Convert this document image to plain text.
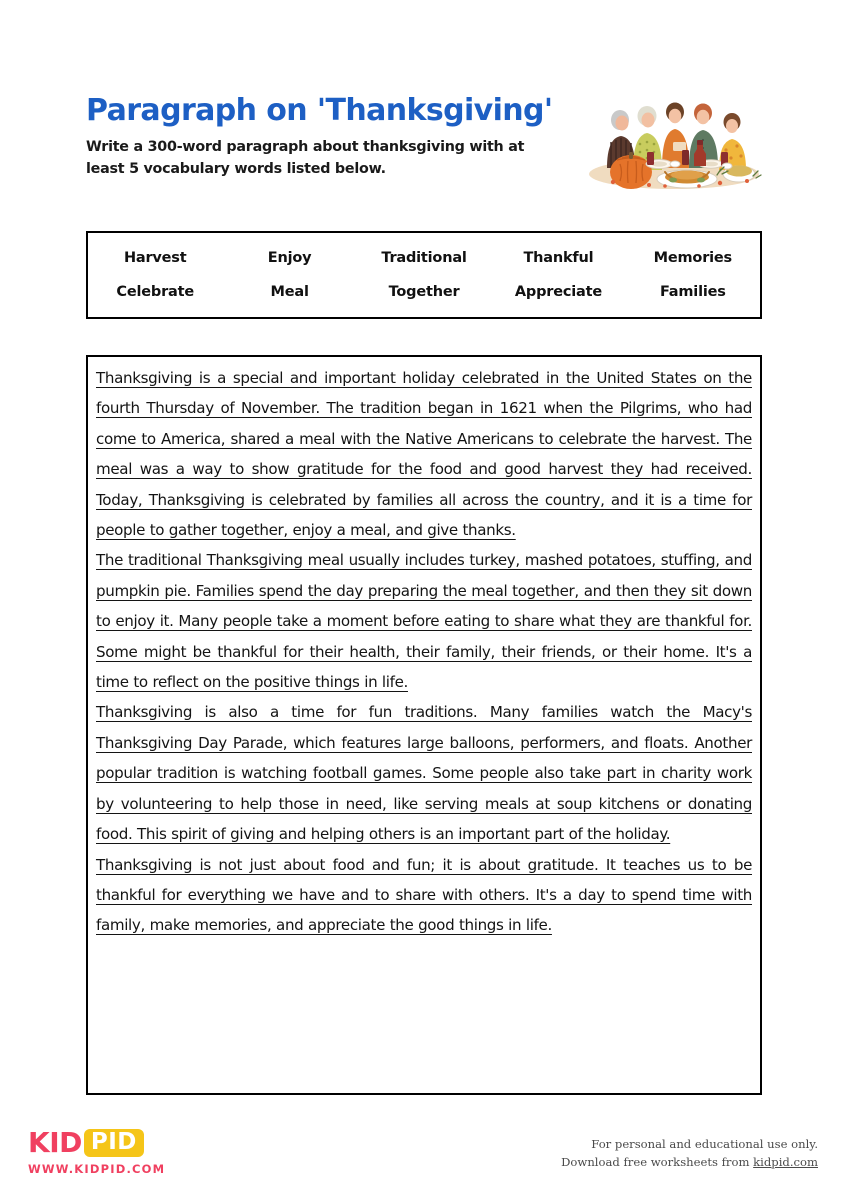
Paragraph on 'Thanksgiving'

Write a 300-word paragraph about thanksgiving with at least 5 vocabulary words listed below.

Harvest	Enjoy	Traditional	Thankful	Memories
Celebrate	Meal	Together	Appreciate	Families

Thanksgiving is a special and important holiday celebrated in the United States on the fourth Thursday of November. The tradition began in 1621 when the Pilgrims, who had come to America, shared a meal with the Native Americans to celebrate the harvest. The meal was a way to show gratitude for the food and good harvest they had received. Today, Thanksgiving is celebrated by families all across the country, and it is a time for people to gather together, enjoy a meal, and give thanks.

The traditional Thanksgiving meal usually includes turkey, mashed potatoes, stuffing, and pumpkin pie. Families spend the day preparing the meal together, and then they sit down to enjoy it. Many people take a moment before eating to share what they are thankful for. Some might be thankful for their health, their family, their friends, or their home. It's a time to reflect on the positive things in life.

Thanksgiving is also a time for fun traditions. Many families watch the Macy's Thanksgiving Day Parade, which features large balloons, performers, and floats. Another popular tradition is watching football games. Some people also take part in charity work by volunteering to help those in need, like serving meals at soup kitchens or donating food. This spirit of giving and helping others is an important part of the holiday.

Thanksgiving is not just about food and fun; it is about gratitude. It teaches us to be thankful for everything we have and to share with others. It's a day to spend time with family, make memories, and appreciate the good things in life.

KID PID
WWW.KIDPID.COM
For personal and educational use only.
Download free worksheets from kidpid.com
